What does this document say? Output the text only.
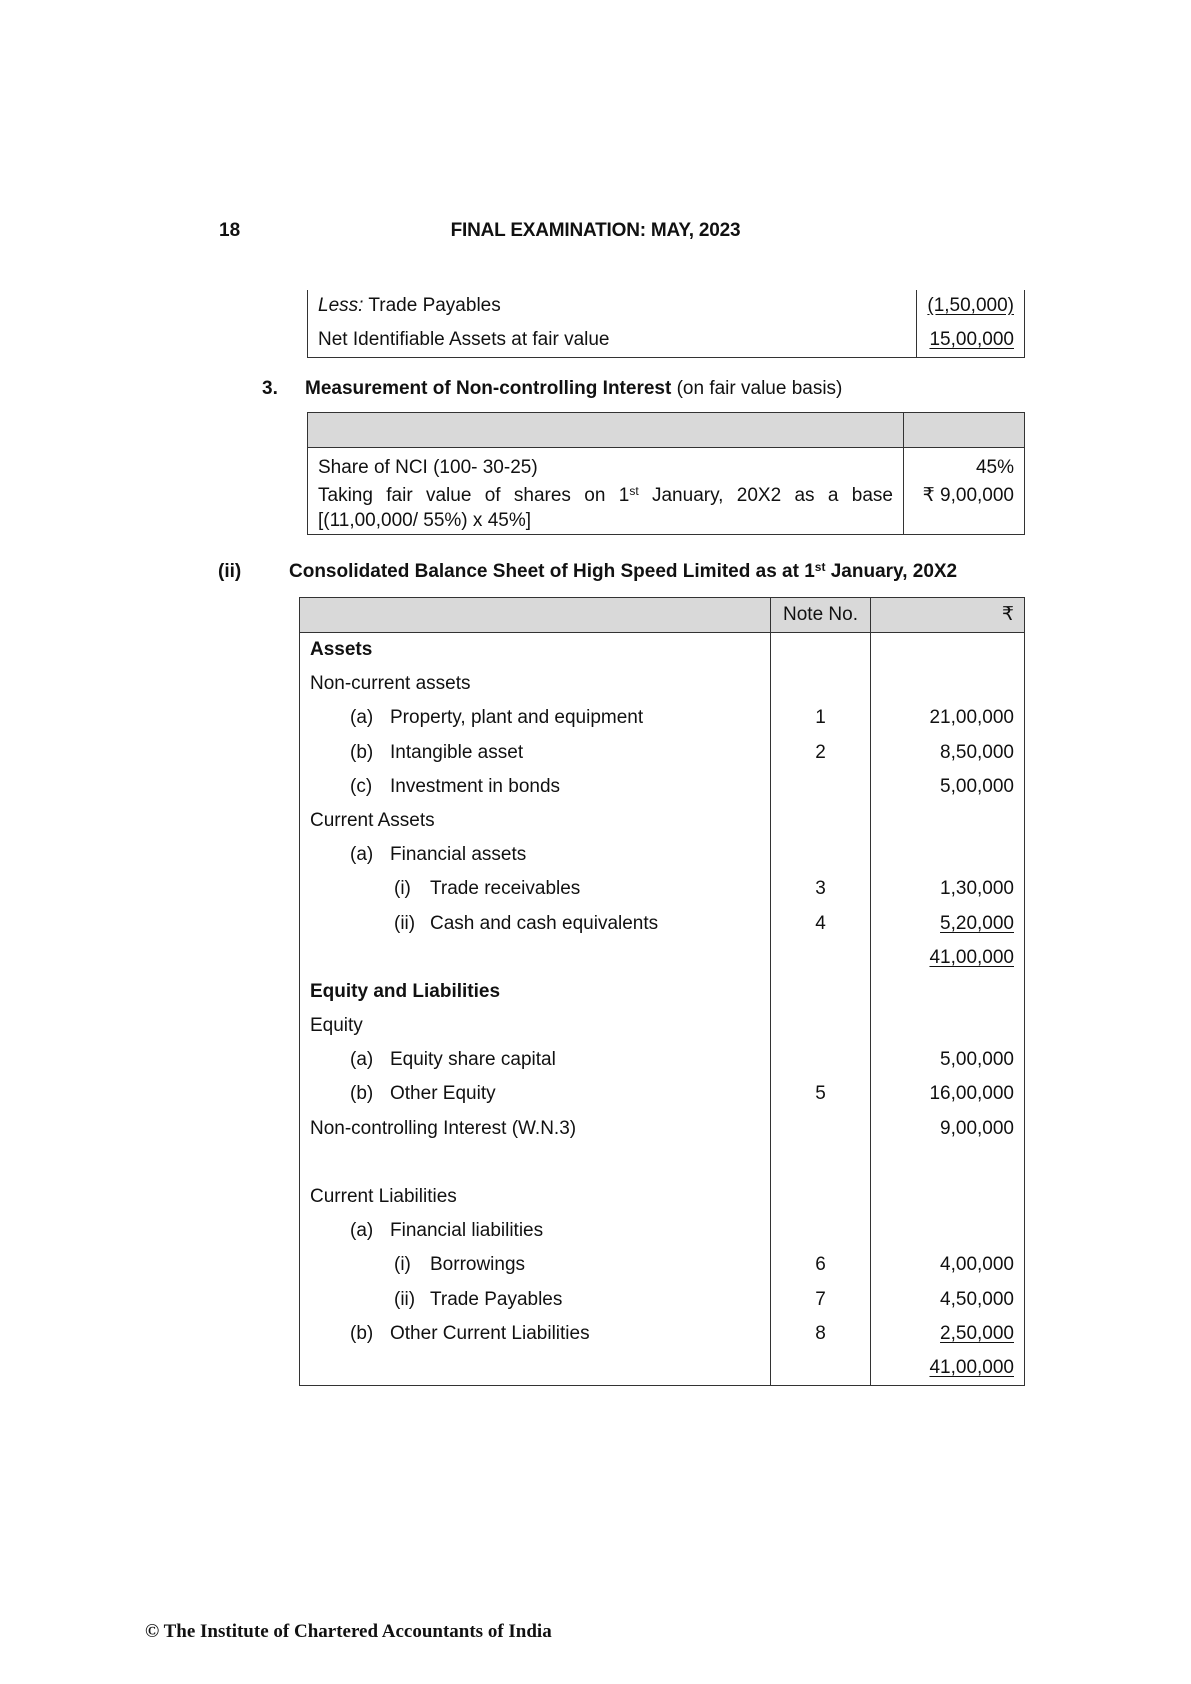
18	FINAL EXAMINATION: MAY, 2023
Less: Trade Payables	(1,50,000)
Net Identifiable Assets at fair value	15,00,000
3. Measurement of Non-controlling Interest (on fair value basis)

Share of NCI (100- 30-25)	45%

Taking fair value of shares on 1st January, 20X2 as a base
[(11,00,000/ 55%) x 45%]	₹ 9,00,000
(ii)	Consolidated Balance Sheet of High Speed Limited as at 1st January, 20X2
	Note No.	₹
Assets		
Non-current assets		
(a) Property, plant and equipment	1	21,00,000
(b) Intangible asset	2	8,50,000
(c) Investment in bonds		5,00,000
Current Assets		
(a) Financial assets		

(i) Trade receivables	3	1,30,000
(ii) Cash and cash equivalents	4	5,20,000
		41,00,000
Equity and Liabilities		
Equity		
(a) Equity share capital		5,00,000
(b) Other Equity	5	16,00,000
Non-controlling Interest (W.N.3)		9,00,000

Current Liabilities		
(a) Financial liabilities		

(i) Borrowings	6	4,00,000
(ii) Trade Payables	7	4,50,000
(b) Other Current Liabilities	8	2,50,000
		41,00,000
© The Institute of Chartered Accountants of India
